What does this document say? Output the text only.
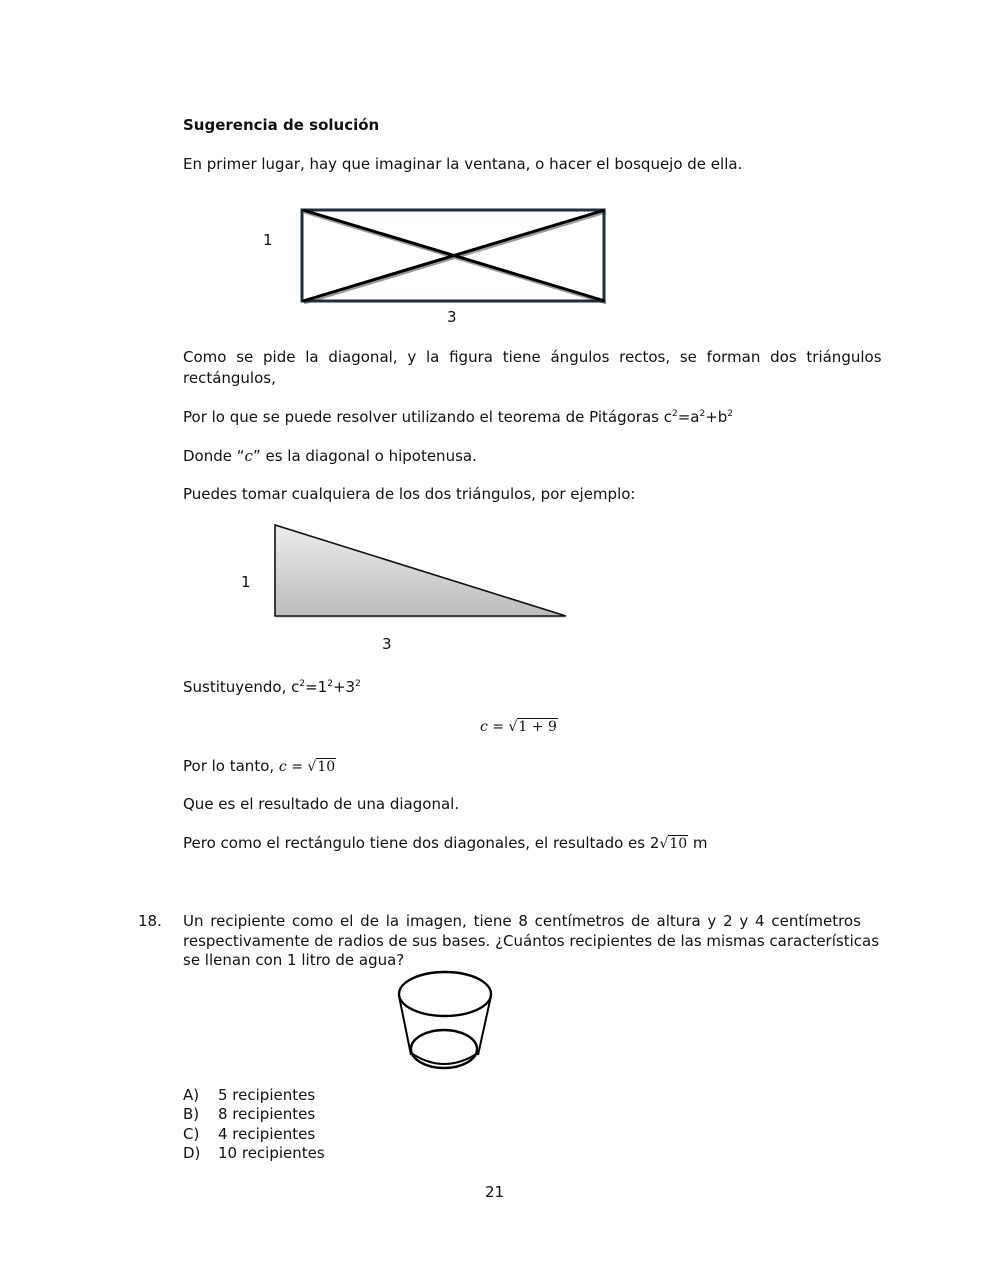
Sugerencia de solución
En primer lugar, hay que imaginar la ventana, o hacer el bosquejo de ella.
1
3
Como se pide la diagonal, y la figura tiene ángulos rectos, se forman dos triángulos
rectángulos,
Por lo que se puede resolver utilizando el teorema de Pitágoras $c^2=a^2+b^2$
Donde “c” es la diagonal o hipotenusa.
Puedes tomar cualquiera de los dos triángulos, por ejemplo:
1
3
Sustituyendo, $c^2=1^2+3^2$
c = √1 + 9
Por lo tanto, c = √10
Que es el resultado de una diagonal.
Pero como el rectángulo tiene dos diagonales, el resultado es 2√10 m
18. Un recipiente como el de la imagen, tiene 8 centímetros de altura y 2 y 4 centímetros
respectivamente de radios de sus bases. ¿Cuántos recipientes de las mismas características
se llenan con 1 litro de agua?
A) 5 recipientes
B) 8 recipientes
C) 4 recipientes
D) 10 recipientes
21
